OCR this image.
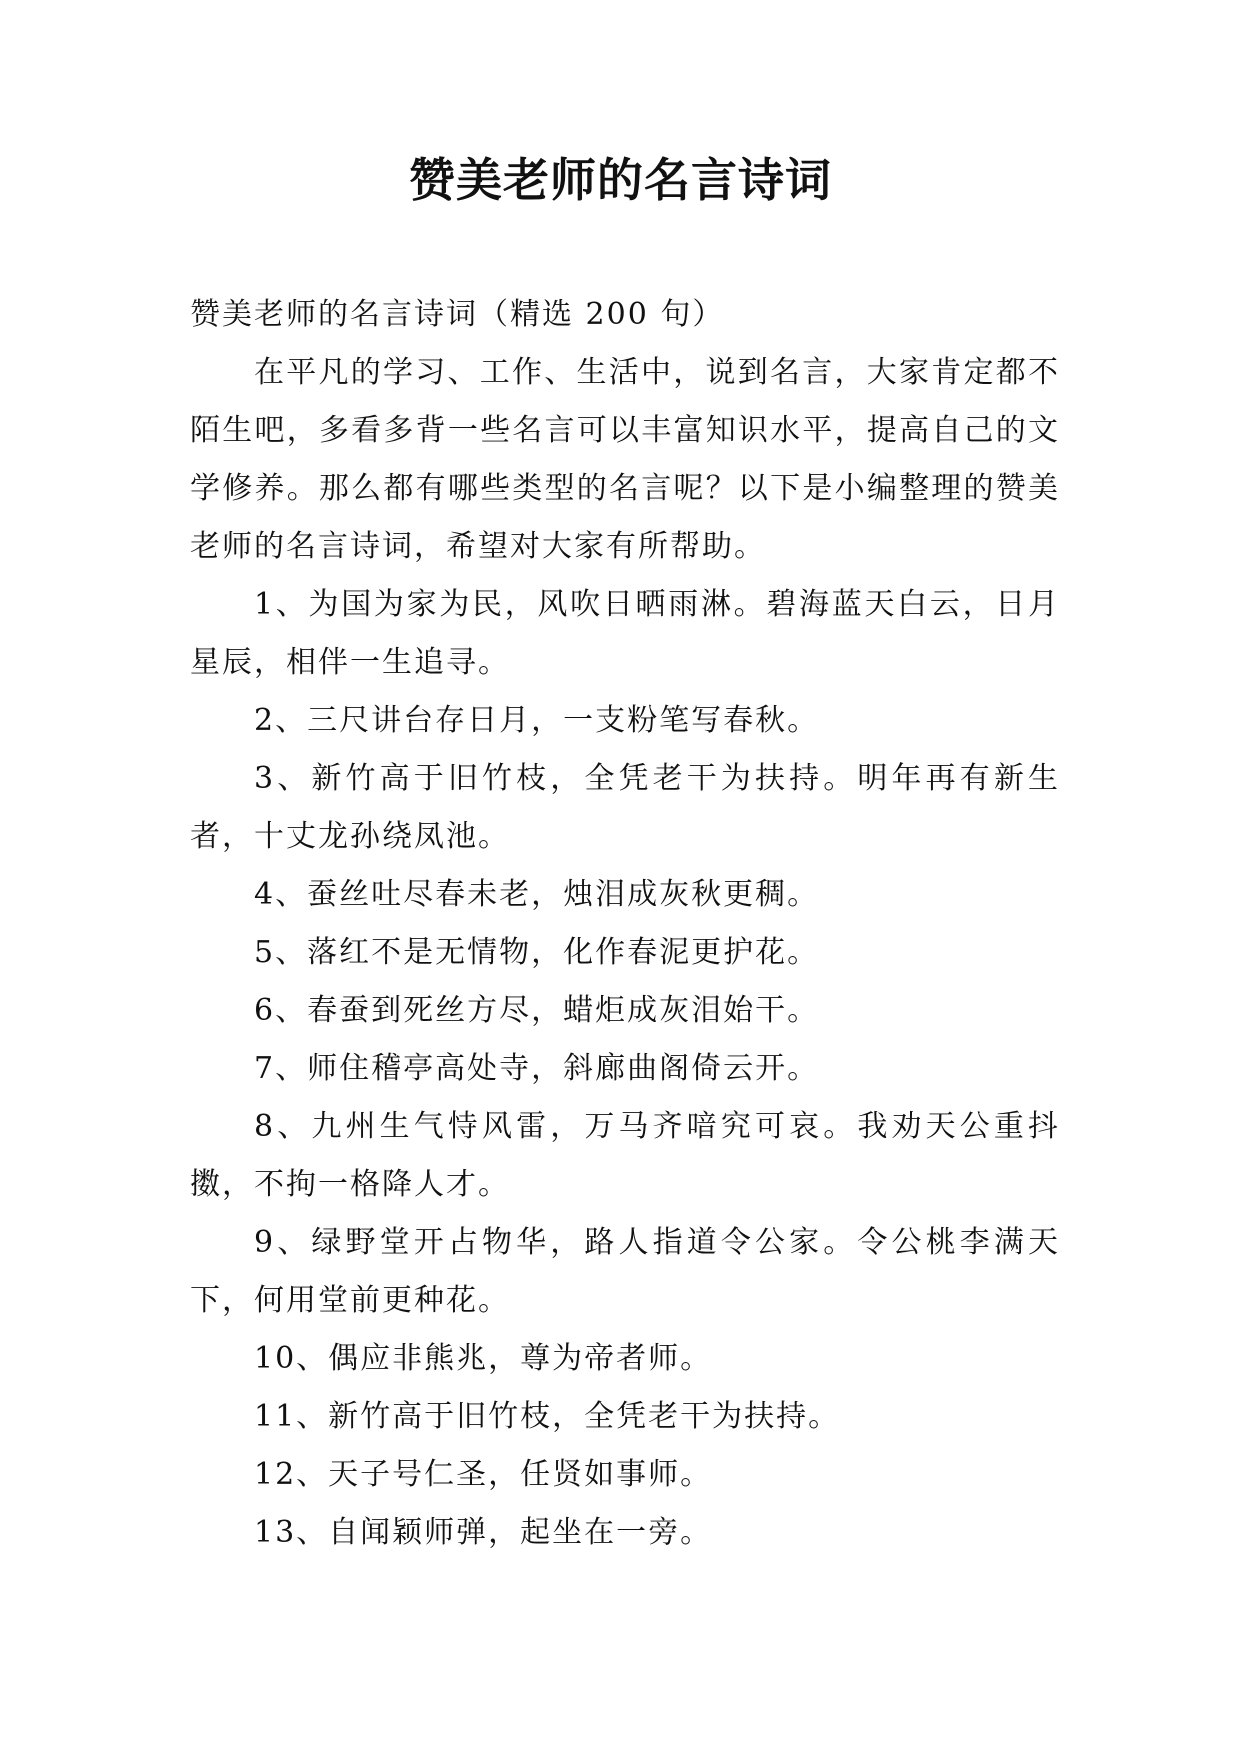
赞美老师的名言诗词

赞美老师的名言诗词（精选 200 句）

在平凡的学习、工作、生活中，说到名言，大家肯定都不陌生吧，多看多背一些名言可以丰富知识水平，提高自己的文学修养。那么都有哪些类型的名言呢？以下是小编整理的赞美老师的名言诗词，希望对大家有所帮助。

1、为国为家为民，风吹日晒雨淋。碧海蓝天白云，日月星辰，相伴一生追寻。

2、三尺讲台存日月，一支粉笔写春秋。

3、新竹高于旧竹枝，全凭老干为扶持。明年再有新生者，十丈龙孙绕凤池。

4、蚕丝吐尽春未老，烛泪成灰秋更稠。

5、落红不是无情物，化作春泥更护花。

6、春蚕到死丝方尽，蜡炬成灰泪始干。

7、师住稽亭高处寺，斜廊曲阁倚云开。

8、九州生气恃风雷，万马齐喑究可哀。我劝天公重抖擞，不拘一格降人才。

9、绿野堂开占物华，路人指道令公家。令公桃李满天下，何用堂前更种花。

10、偶应非熊兆，尊为帝者师。

11、新竹高于旧竹枝，全凭老干为扶持。

12、天子号仁圣，任贤如事师。

13、自闻颖师弹，起坐在一旁。
